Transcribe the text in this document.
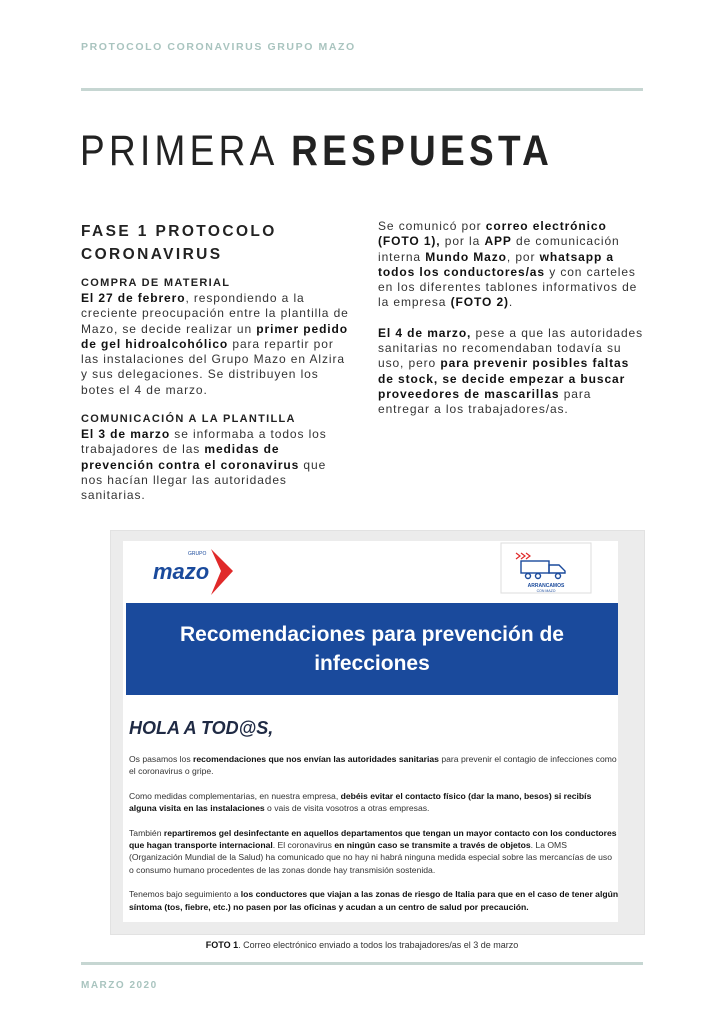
PROTOCOLO CORONAVIRUS GRUPO MAZO
PRIMERA RESPUESTA
FASE 1 PROTOCOLO
CORONAVIRUS
COMPRA DE MATERIAL

El 27 de febrero, respondiendo a la creciente preocupación entre la plantilla de Mazo, se decide realizar un primer pedido de gel hidroalcohólico para repartir por las instalaciones del Grupo Mazo en Alzira y sus delegaciones. Se distribuyen los botes el 4 de marzo.

COMUNICACIÓN A LA PLANTILLA

El 3 de marzo se informaba a todos los trabajadores de las medidas de prevención contra el coronavirus que nos hacían llegar las autoridades sanitarias.

Se comunicó por correo electrónico (FOTO 1), por la APP de comunicación interna Mundo Mazo, por whatsapp a todos los conductores/as y con carteles en los diferentes tablones informativos de la empresa (FOTO 2).

El 4 de marzo, pese a que las autoridades sanitarias no recomendaban todavía su uso, pero para prevenir posibles faltas de stock, se decide empezar a buscar proveedores de mascarillas para entregar a los trabajadores/as.

GRUPO
mazo
ARRANCAMOS
CON MAZO
Recomendaciones para prevención de infecciones
HOLA A TOD@S,

Os pasamos los recomendaciones que nos envían las autoridades sanitarias para prevenir el contagio de infecciones como el coronavirus o gripe.

Como medidas complementarias, en nuestra empresa, debéis evitar el contacto físico (dar la mano, besos) si recibís alguna visita en las instalaciones o vais de visita vosotros a otras empresas.

También repartiremos gel desinfectante en aquellos departamentos que tengan un mayor contacto con los conductores que hagan transporte internacional. El coronavirus en ningún caso se transmite a través de objetos. La OMS (Organización Mundial de la Salud) ha comunicado que no hay ni habrá ninguna medida especial sobre las mercancías de uso o consumo humano procedentes de las zonas donde hay transmisión sostenida.

Tenemos bajo seguimiento a los conductores que viajan a las zonas de riesgo de Italia para que en el caso de tener algún síntoma (tos, fiebre, etc.) no pasen por las oficinas y acudan a un centro de salud por precaución.

FOTO 1. Correo electrónico enviado a todos los trabajadores/as el 3 de marzo
MARZO 2020
